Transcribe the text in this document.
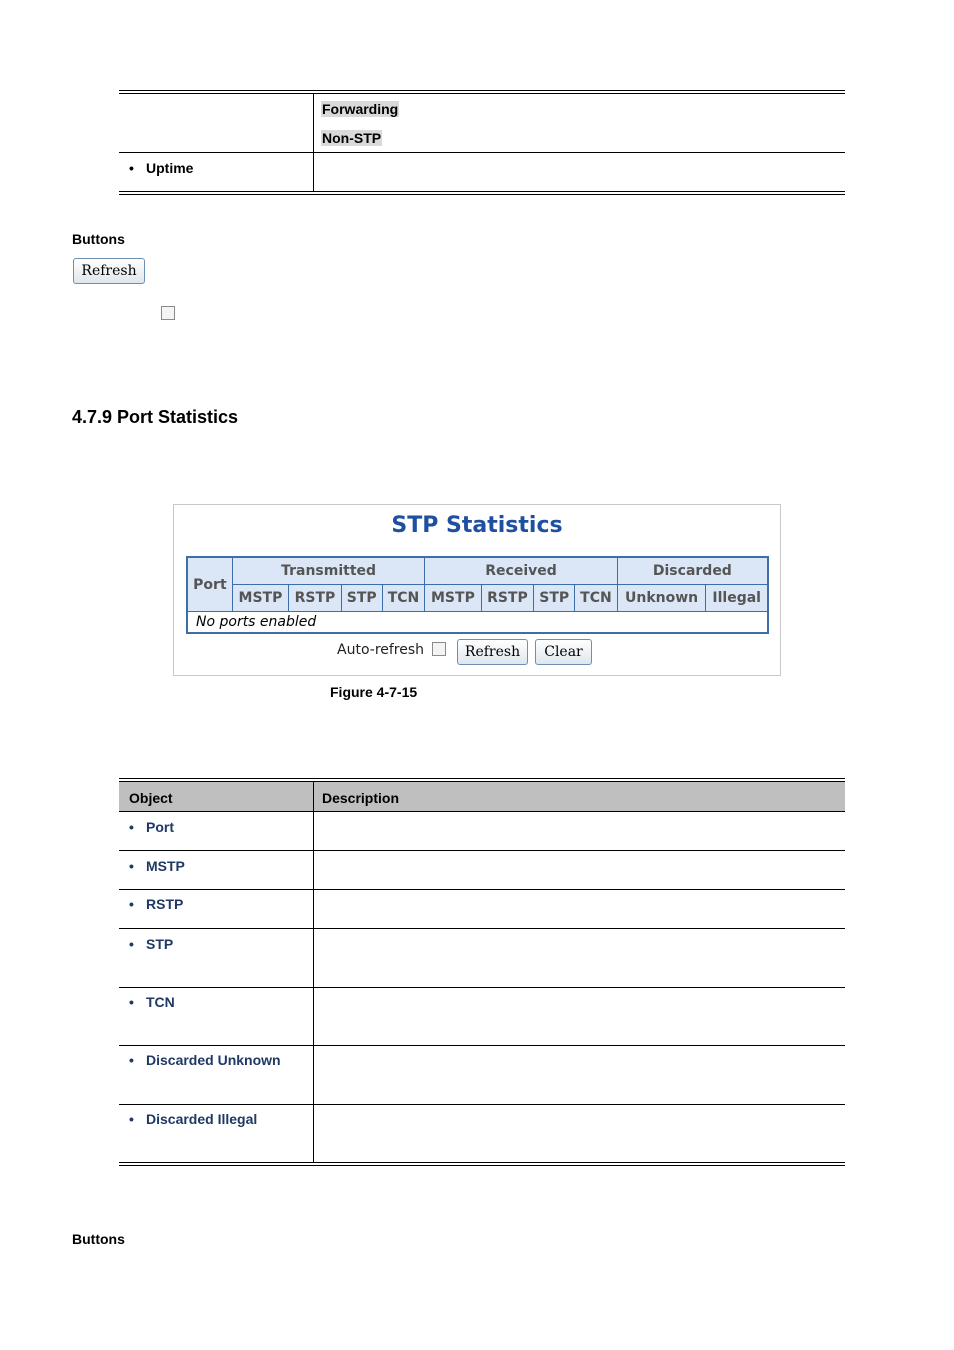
Forwarding
Non-STP
• Uptime
Buttons
Refresh
4.7.9 Port Statistics
STP Statistics
Port	Transmitted				Received				Discarded	
	MSTP	RSTP	STP	TCN	MSTP	RSTP	STP	TCN	Unknown	Illegal
No ports enabled										
Auto-refresh	Refresh	Clear
Figure 4-7-15
Object	Description
• Port
• MSTP
• RSTP
• STP
• TCN
• Discarded Unknown
• Discarded Illegal
Buttons
